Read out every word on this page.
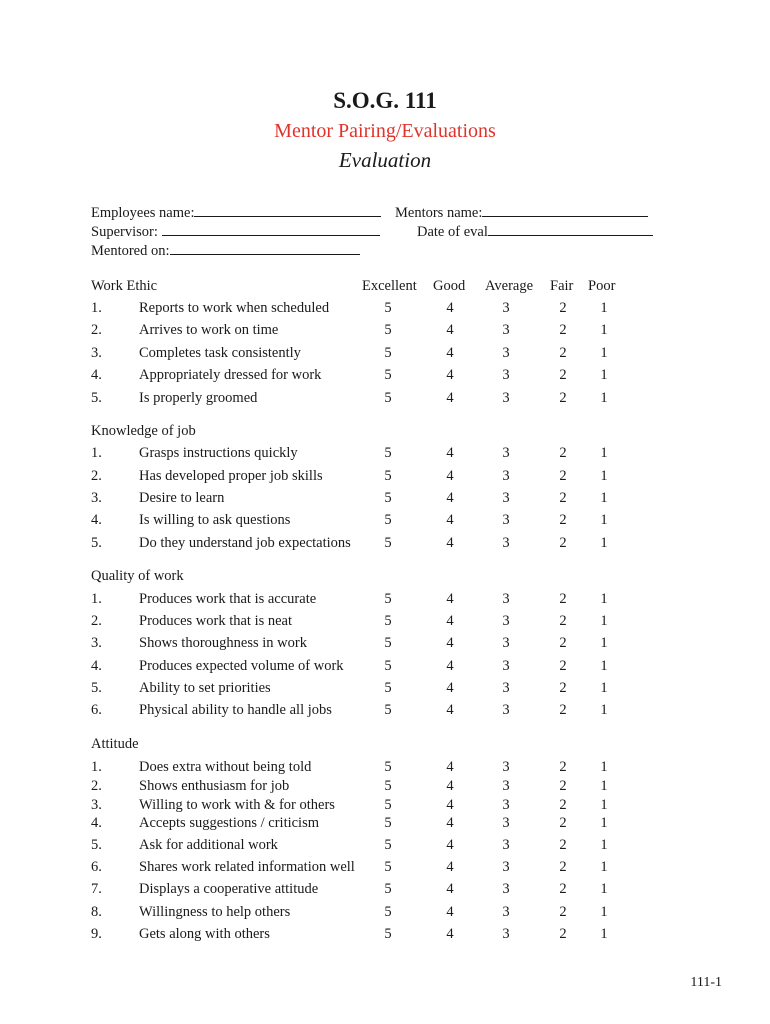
S.O.G. 111
Mentor Pairing/Evaluations
Evaluation
Employees name:	Mentors name:
Supervisor:	Date of eval
Mentored on:
Work Ethic	Excellent Good Average Fair Poor
1.	Reports to work when scheduled	5	4	3	2	1
2.	Arrives to work on time	5	4	3	2	1
3.	Completes task consistently	5	4	3	2	1
4.	Appropriately dressed for work	5	4	3	2	1
5.	Is properly groomed	5	4	3	2	1
Knowledge of job
1.	Grasps instructions quickly	5	4	3	2	1
2.	Has developed proper job skills	5	4	3	2	1
3.	Desire to learn	5	4	3	2	1
4.	Is willing to ask questions	5	4	3	2	1
5.	Do they understand job expectations	5	4	3	2	1
Quality of work
1.	Produces work that is accurate	5	4	3	2	1
2.	Produces work that is neat	5	4	3	2	1
3.	Shows thoroughness in work	5	4	3	2	1
4.	Produces expected volume of work	5	4	3	2	1
5.	Ability to set priorities	5	4	3	2	1
6.	Physical ability to handle all jobs	5	4	3	2	1
Attitude
1.	Does extra without being told	5	4	3	2	1
2.	Shows enthusiasm for job	5	4	3	2	1
3.	Willing to work with & for others	5	4	3	2	1
4.	Accepts suggestions / criticism	5	4	3	2	1
5.	Ask for additional work	5	4	3	2	1
6.	Shares work related information well	5	4	3	2	1
7.	Displays a cooperative attitude	5	4	3	2	1
8.	Willingness to help others	5	4	3	2	1
9.	Gets along with others	5	4	3	2	1
111-1
